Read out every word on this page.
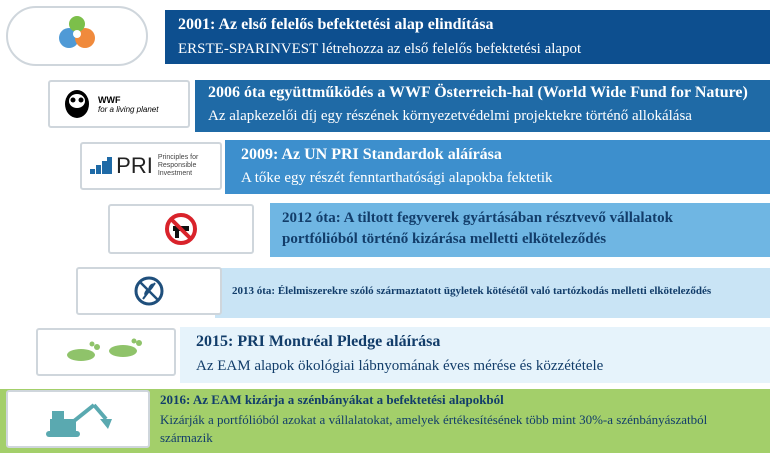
2001: Az első felelős befektetési alap elindítása
ERSTE-SPARINVEST létrehozza az első felelős befektetési alapot
2006 óta együttműködés a WWF Österreich-hal (World Wide Fund for Nature)
Az alapkezelői díj egy részének környezetvédelmi projektekre történő allokálása
WWF
for a living planet
2009: Az UN PRI Standardok aláírása
A tőke egy részét fenntarthatósági alapokba fektetik
PRI Principles for Responsible Investment
2012 óta: A tiltott fegyverek gyártásában résztvevő vállalatok portfólióból történő kizárása melletti elköteleződés
2013 óta: Élelmiszerekre szóló származtatott ügyletek kötésétől való tartózkodás melletti elköteleződés
2015: PRI Montréal Pledge aláírása
Az EAM alapok ökológiai lábnyomának éves mérése és közzététele
2016: Az EAM kizárja a szénbányákat a befektetési alapokból
Kizárják a portfólióból azokat a vállalatokat, amelyek értékesítésének több mint 30%-a szénbányászatból származik
